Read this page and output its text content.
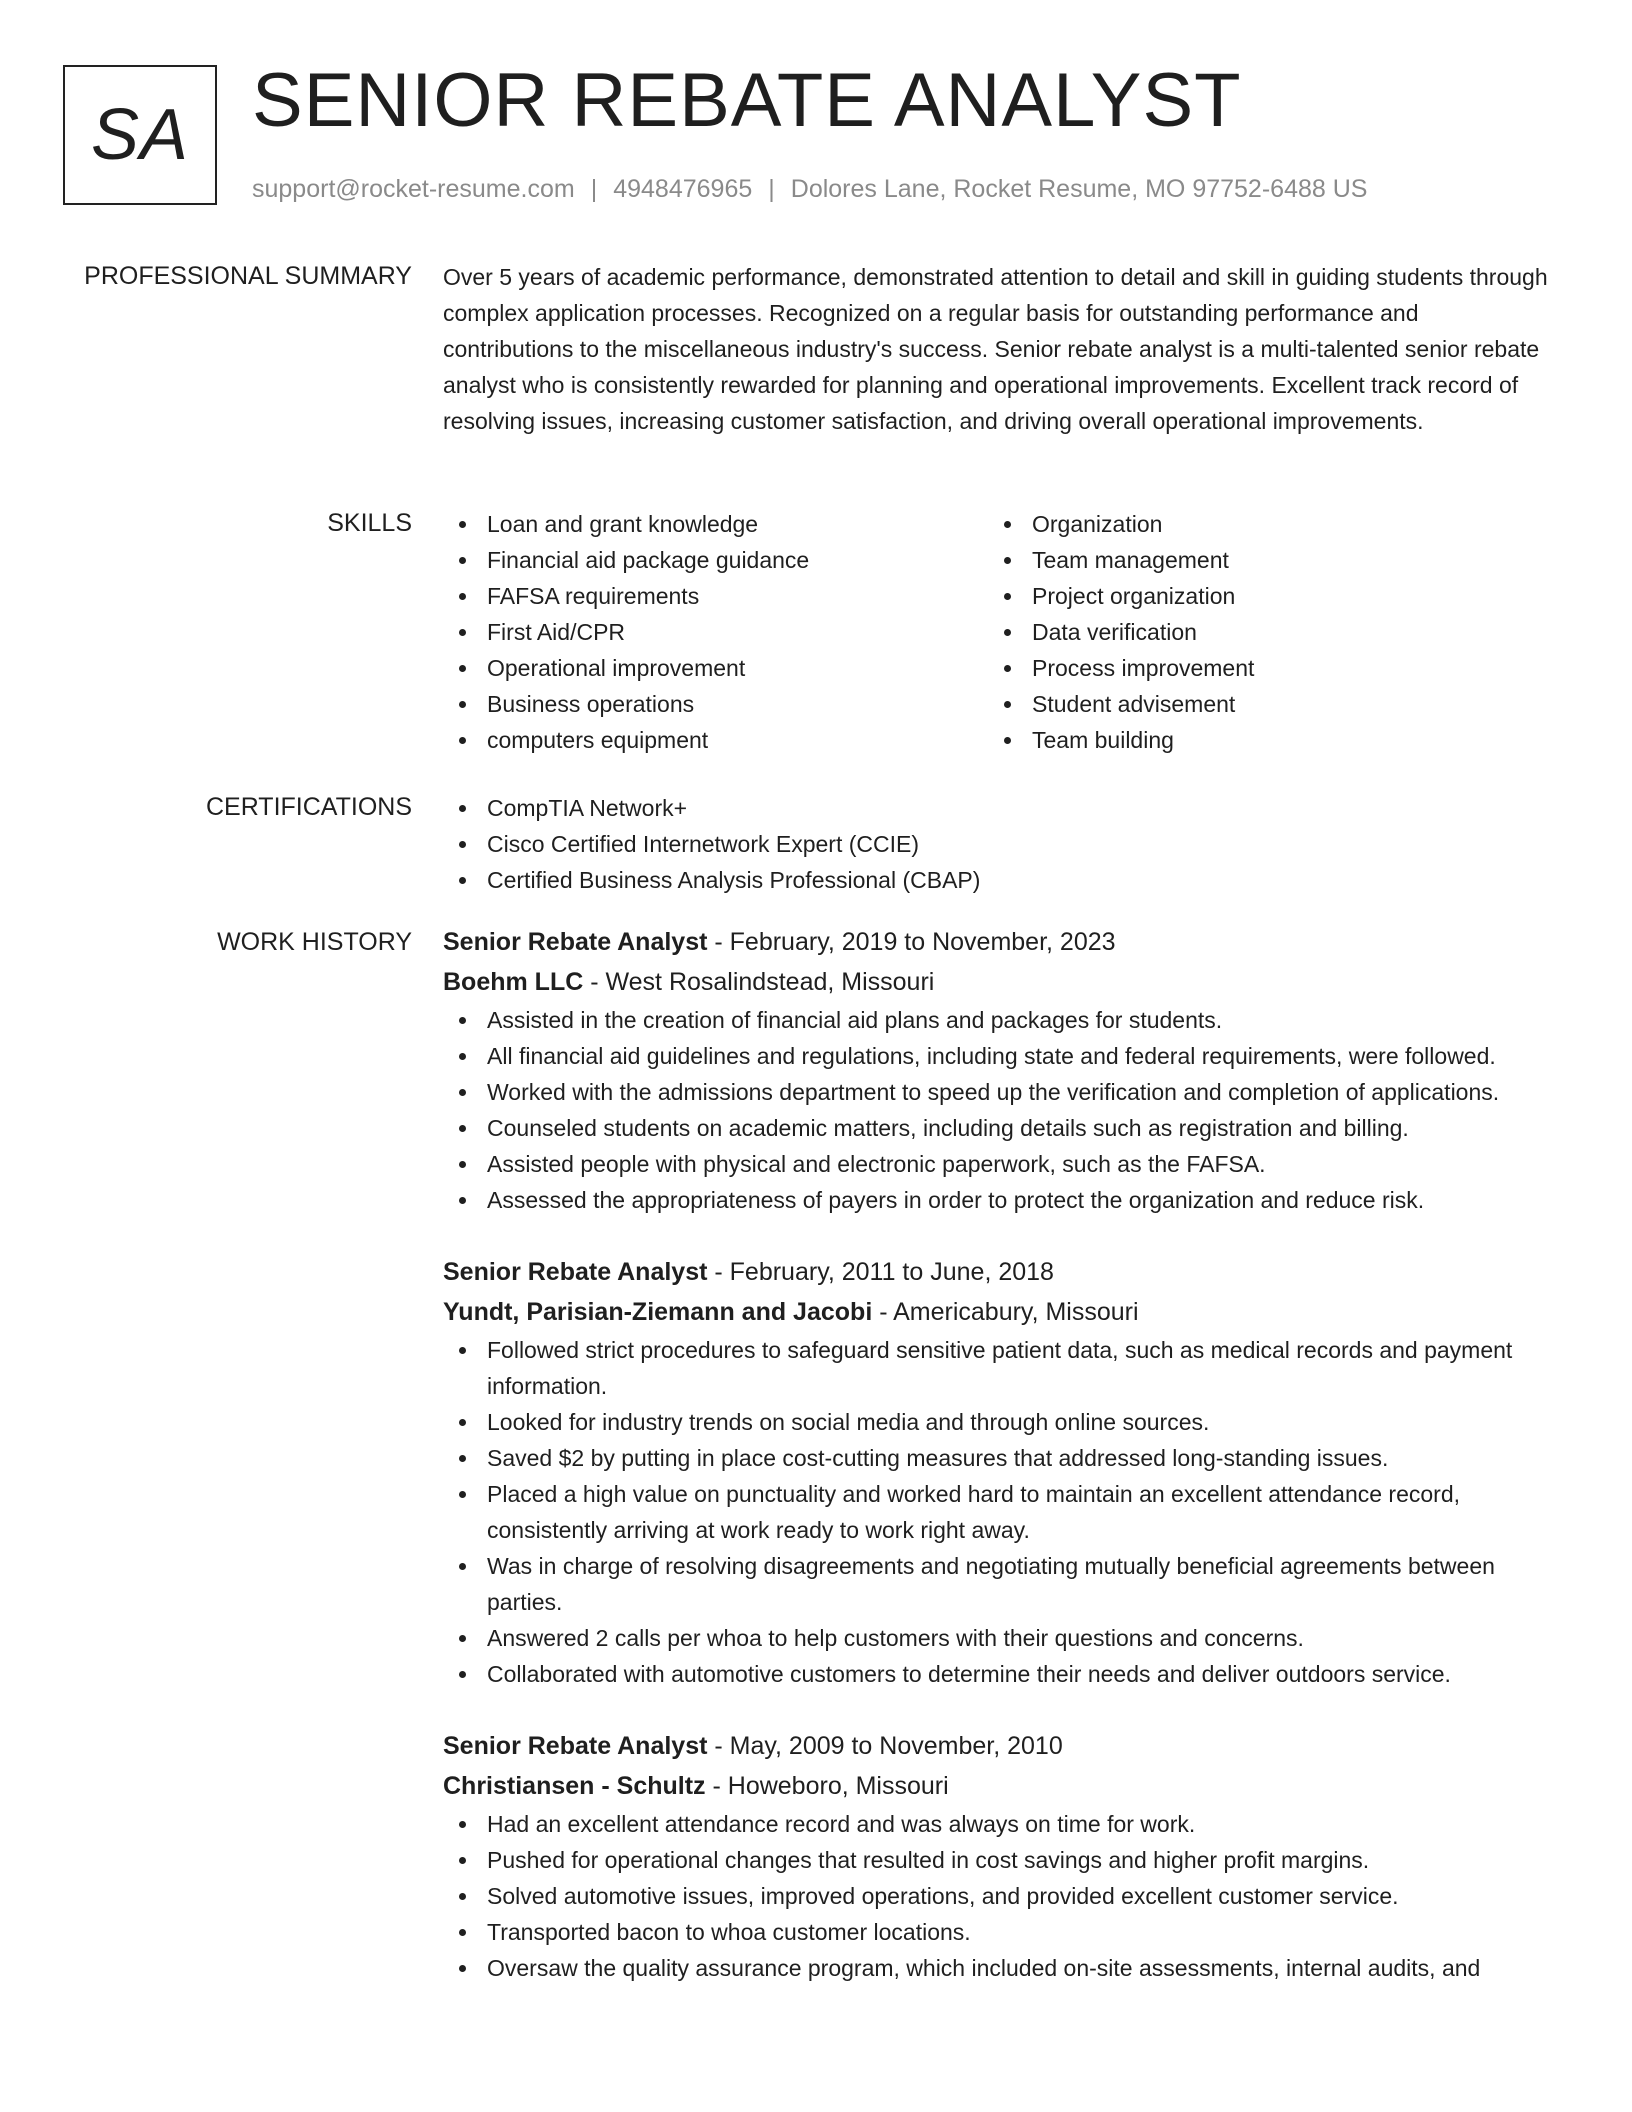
SA SENIOR REBATE ANALYST
support@rocket-resume.com | 4948476965 | Dolores Lane, Rocket Resume, MO 97752-6488 US
PROFESSIONAL SUMMARY Over 5 years of academic performance, demonstrated attention to detail and skill in guiding students through complex application processes. Recognized on a regular basis for outstanding performance and contributions to the miscellaneous industry's success. Senior rebate analyst is a multi-talented senior rebate analyst who is consistently rewarded for planning and operational improvements. Excellent track record of resolving issues, increasing customer satisfaction, and driving overall operational improvements.

SKILLS	Loan and grant knowledge
Financial aid package guidance
FAFSA requirements
First Aid/CPR
Operational improvement
Business operations
computers equipment
Organization
Team management
Project organization
Data verification
Process improvement
Student advisement
Team building
CERTIFICATIONS	CompTIA Network+
Cisco Certified Internetwork Expert (CCIE)
Certified Business Analysis Professional (CBAP)
WORK HISTORY Senior Rebate Analyst - February, 2019 to November, 2023
Boehm LLC - West Rosalindstead, Missouri
Assisted in the creation of financial aid plans and packages for students.
All financial aid guidelines and regulations, including state and federal requirements, were followed.
Worked with the admissions department to speed up the verification and completion of applications.
Counseled students on academic matters, including details such as registration and billing.
Assisted people with physical and electronic paperwork, such as the FAFSA.
Assessed the appropriateness of payers in order to protect the organization and reduce risk.
Senior Rebate Analyst - February, 2011 to June, 2018
Yundt, Parisian-Ziemann and Jacobi - Americabury, Missouri
Followed strict procedures to safeguard sensitive patient data, such as medical records and payment information.
Looked for industry trends on social media and through online sources.
Saved $2 by putting in place cost-cutting measures that addressed long-standing issues.
Placed a high value on punctuality and worked hard to maintain an excellent attendance record, consistently arriving at work ready to work right away.
Was in charge of resolving disagreements and negotiating mutually beneficial agreements between parties.
Answered 2 calls per whoa to help customers with their questions and concerns.
Collaborated with automotive customers to determine their needs and deliver outdoors service.
Senior Rebate Analyst - May, 2009 to November, 2010
Christiansen - Schultz - Howeboro, Missouri
Had an excellent attendance record and was always on time for work.
Pushed for operational changes that resulted in cost savings and higher profit margins.
Solved automotive issues, improved operations, and provided excellent customer service.
Transported bacon to whoa customer locations.
Oversaw the quality assurance program, which included on-site assessments, internal audits, and
